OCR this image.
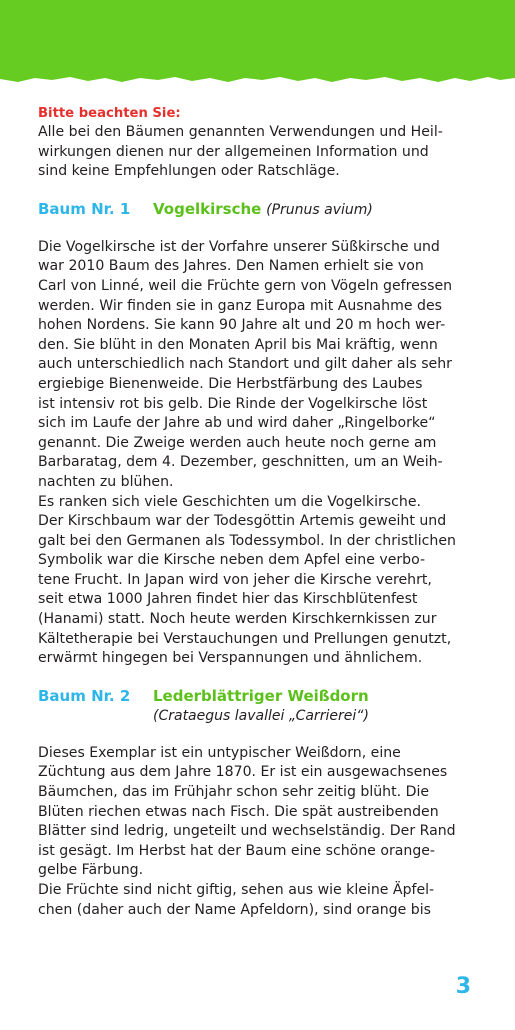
Bitte beachten Sie:
Alle bei den Bäumen genannten Verwendungen und Heil-
wirkungen dienen nur der allgemeinen Information und
sind keine Empfehlungen oder Ratschläge.
Baum Nr. 1	Vogelkirsche (Prunus avium)
Die Vogelkirsche ist der Vorfahre unserer Süßkirsche und
war 2010 Baum des Jahres. Den Namen erhielt sie von
Carl von Linné, weil die Früchte gern von Vögeln gefressen
werden. Wir finden sie in ganz Europa mit Ausnahme des
hohen Nordens. Sie kann 90 Jahre alt und 20 m hoch wer-
den. Sie blüht in den Monaten April bis Mai kräftig, wenn
auch unterschiedlich nach Standort und gilt daher als sehr
ergiebige Bienenweide. Die Herbstfärbung des Laubes
ist intensiv rot bis gelb. Die Rinde der Vogelkirsche löst
sich im Laufe der Jahre ab und wird daher „Ringelborke“
genannt. Die Zweige werden auch heute noch gerne am
Barbaratag, dem 4. Dezember, geschnitten, um an Weih-
nachten zu blühen.
Es ranken sich viele Geschichten um die Vogelkirsche.
Der Kirschbaum war der Todesgöttin Artemis geweiht und
galt bei den Germanen als Todessymbol. In der christlichen
Symbolik war die Kirsche neben dem Apfel eine verbo-
tene Frucht. In Japan wird von jeher die Kirsche verehrt,
seit etwa 1000 Jahren findet hier das Kirschblütenfest
(Hanami) statt. Noch heute werden Kirschkernkissen zur
Kältetherapie bei Verstauchungen und Prellungen genutzt,
erwärmt hingegen bei Verspannungen und ähnlichem.
Baum Nr. 2	Lederblättriger Weißdorn
(Crataegus lavallei „Carrierei“)
Dieses Exemplar ist ein untypischer Weißdorn, eine
Züchtung aus dem Jahre 1870. Er ist ein ausgewachsenes
Bäumchen, das im Frühjahr schon sehr zeitig blüht. Die
Blüten riechen etwas nach Fisch. Die spät austreibenden
Blätter sind ledrig, ungeteilt und wechselständig. Der Rand
ist gesägt. Im Herbst hat der Baum eine schöne orange-
gelbe Färbung.
Die Früchte sind nicht giftig, sehen aus wie kleine Äpfel-
chen (daher auch der Name Apfeldorn), sind orange bis
3
